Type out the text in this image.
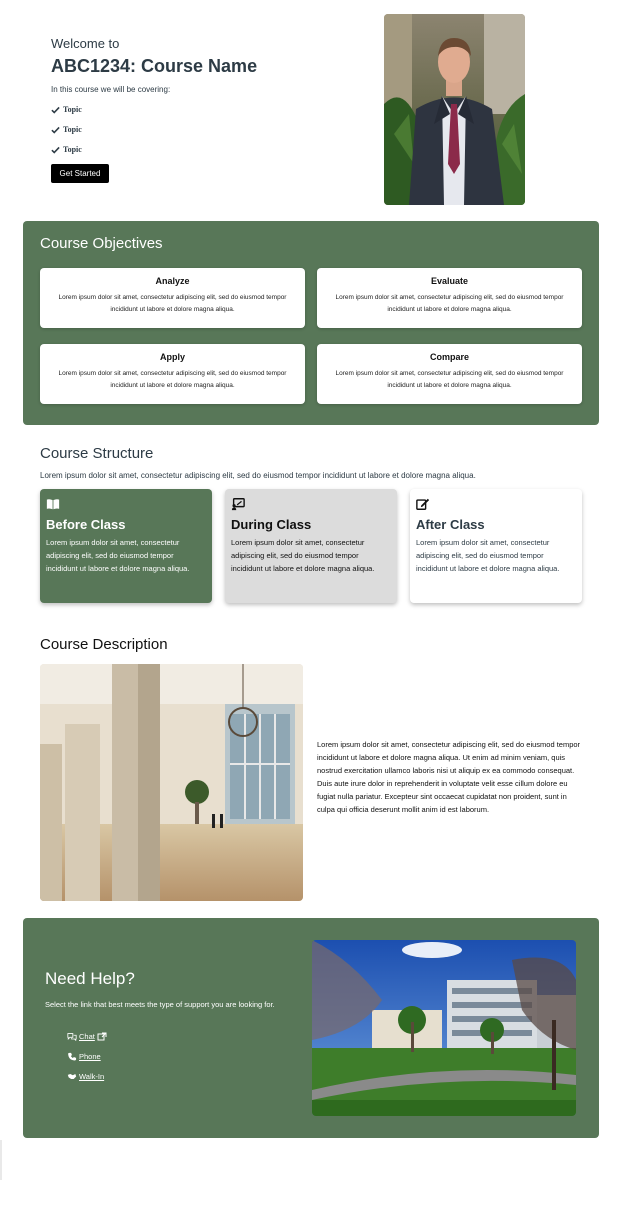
Welcome to
ABC1234: Course Name
In this course we will be covering:
Topic
Topic
Topic
Get Started
Course Objectives
Analyze

Lorem ipsum dolor sit amet, consectetur adipiscing elit, sed do eiusmod tempor incididunt ut labore et dolore magna aliqua.

Evaluate

Lorem ipsum dolor sit amet, consectetur adipiscing elit, sed do eiusmod tempor incididunt ut labore et dolore magna aliqua.

Apply

Lorem ipsum dolor sit amet, consectetur adipiscing elit, sed do eiusmod tempor incididunt ut labore et dolore magna aliqua.

Compare

Lorem ipsum dolor sit amet, consectetur adipiscing elit, sed do eiusmod tempor incididunt ut labore et dolore magna aliqua.

Course Structure
Lorem ipsum dolor sit amet, consectetur adipiscing elit, sed do eiusmod tempor incididunt ut labore et dolore magna aliqua.
Before Class

Lorem ipsum dolor sit amet, consectetur adipiscing elit, sed do eiusmod tempor incididunt ut labore et dolore magna aliqua.

During Class

Lorem ipsum dolor sit amet, consectetur adipiscing elit, sed do eiusmod tempor incididunt ut labore et dolore magna aliqua.

After Class

Lorem ipsum dolor sit amet, consectetur adipiscing elit, sed do eiusmod tempor incididunt ut labore et dolore magna aliqua.

Course Description
Lorem ipsum dolor sit amet, consectetur adipiscing elit, sed do eiusmod tempor incididunt ut labore et dolore magna aliqua. Ut enim ad minim veniam, quis nostrud exercitation ullamco laboris nisi ut aliquip ex ea commodo consequat. Duis aute irure dolor in reprehenderit in voluptate velit esse cillum dolore eu fugiat nulla pariatur. Excepteur sint occaecat cupidatat non proident, sunt in culpa qui officia deserunt mollit anim id est laborum.
Need Help?
Select the link that best meets the type of support you are looking for.
Chat
Phone
Walk-In
